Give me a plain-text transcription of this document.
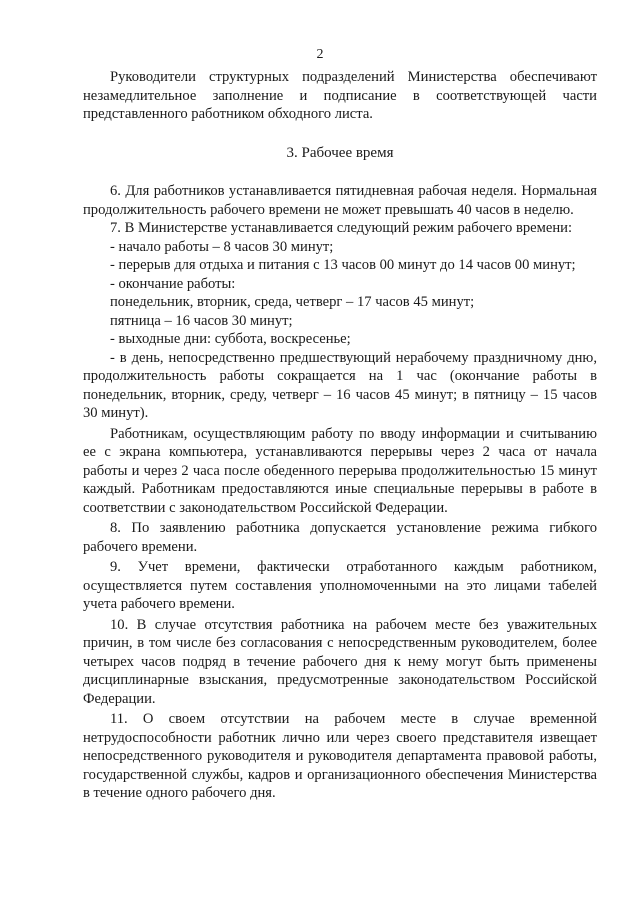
2

Руководители структурных подразделений Министерства обеспечивают незамедлительное заполнение и подписание в соответствующей части представленного работником обходного листа.

3. Рабочее время

6. Для работников устанавливается пятидневная рабочая неделя. Нормальная продолжительность рабочего времени не может превышать 40 часов в неделю.

7. В Министерстве устанавливается следующий режим рабочего времени:

- начало работы – 8 часов 30 минут;

- перерыв для отдыха и питания с 13 часов 00 минут до 14 часов 00 минут;

- окончание работы:

понедельник, вторник, среда, четверг – 17 часов 45 минут;

пятница – 16 часов 30 минут;

- выходные дни: суббота, воскресенье;

- в день, непосредственно предшествующий нерабочему праздничному дню, продолжительность работы сокращается на 1 час (окончание работы в понедельник, вторник, среду, четверг – 16 часов 45 минут; в пятницу – 15 часов 30 минут).

Работникам, осуществляющим работу по вводу информации и считыванию ее с экрана компьютера, устанавливаются перерывы через 2 часа от начала работы и через 2 часа после обеденного перерыва продолжительностью 15 минут каждый. Работникам предоставляются иные специальные перерывы в работе в соответствии с законодательством Российской Федерации.

8. По заявлению работника допускается установление режима гибкого рабочего времени.

9. Учет времени, фактически отработанного каждым работником, осуществляется путем составления уполномоченными на это лицами табелей учета рабочего времени.

10. В случае отсутствия работника на рабочем месте без уважительных причин, в том числе без согласования с непосредственным руководителем, более четырех часов подряд в течение рабочего дня к нему могут быть применены дисциплинарные взыскания, предусмотренные законодательством Российской Федерации.

11. О своем отсутствии на рабочем месте в случае временной нетрудоспособности работник лично или через своего представителя извещает непосредственного руководителя и руководителя департамента правовой работы, государственной службы, кадров и организационного обеспечения Министерства в течение одного рабочего дня.
